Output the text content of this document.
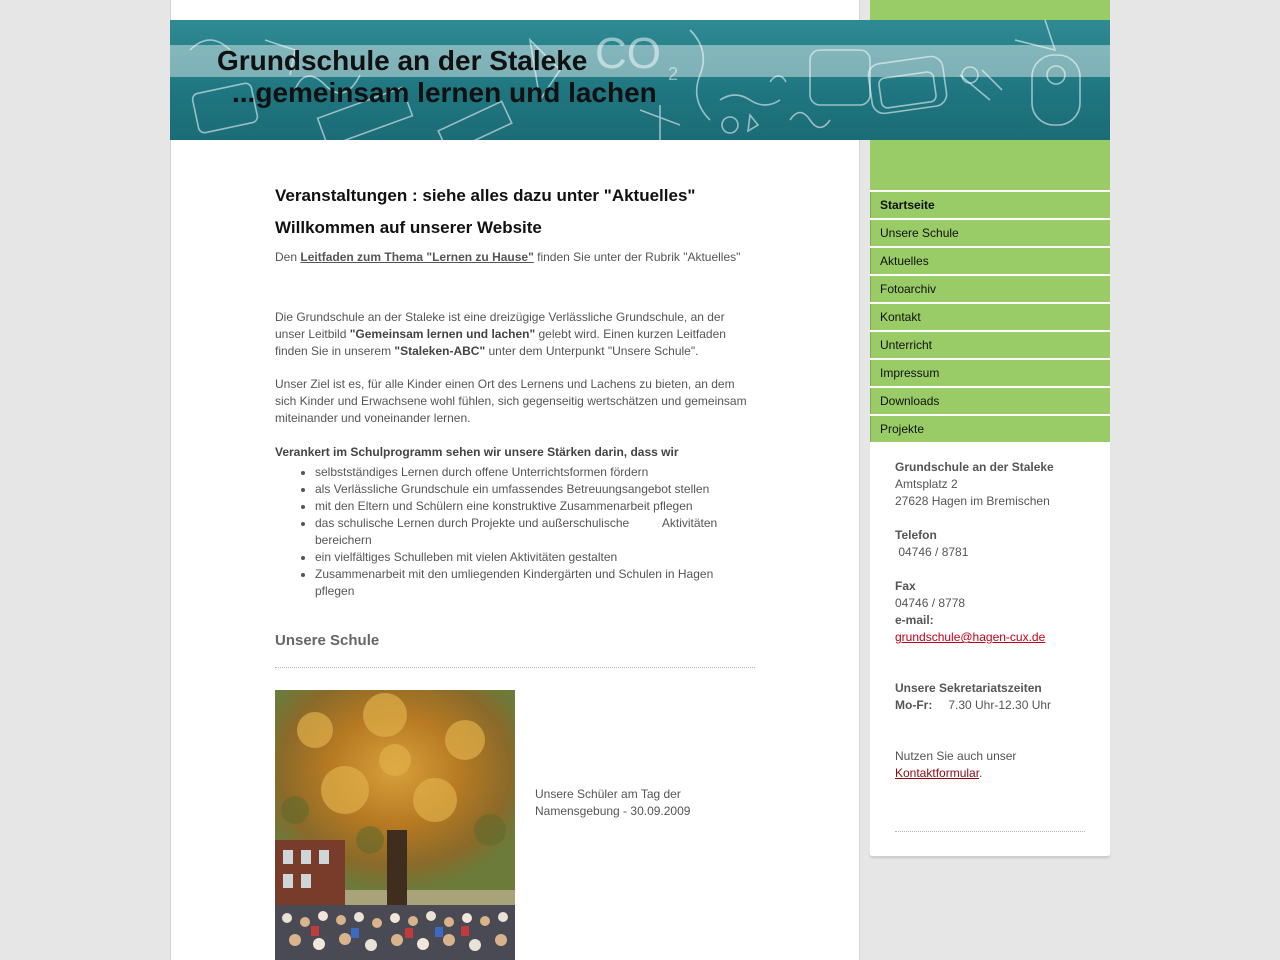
CO 2
Grundschule an der Staleke

...gemeinsam lernen und lachen

Veranstaltungen : siehe alles dazu unter "Aktuelles"
Willkommen auf unserer Website

Den Leitfaden zum Thema "Lernen zu Hause" finden Sie unter der Rubrik "Aktuelles"

Die Grundschule an der Staleke ist eine dreizügige Verlässliche Grundschule, an der unser Leitbild "Gemeinsam lernen und lachen" gelebt wird. Einen kurzen Leitfaden finden Sie in unserem "Staleken-ABC" unter dem Unterpunkt "Unsere Schule".

Unser Ziel ist es, für alle Kinder einen Ort des Lernens und Lachens zu bieten, an dem sich Kinder und Erwachsene wohl fühlen, sich gegenseitig wertschätzen und gemeinsam miteinander und voneinander lernen.

Verankert im Schulprogramm sehen wir unsere Stärken darin, dass wir

• selbstständiges Lernen durch offene Unterrichtsformen fördern
• als Verlässliche Grundschule ein umfassendes Betreuungsangebot stellen
• mit den Eltern und Schülern eine konstruktive Zusammenarbeit pflegen
• das schulische Lernen durch Projekte und außerschulische          Aktivitäten bereichern
• ein vielfältiges Schulleben mit vielen Aktivitäten gestalten
• Zusammenarbeit mit den umliegenden Kindergärten und Schulen in Hagen pflegen
Unsere Schule
Unsere Schüler am Tag der Namensgebung - 30.09.2009
Startseite
Unsere Schule
Aktuelles
Fotoarchiv
Kontakt
Unterricht
Impressum
Downloads
Projekte

Grundschule an der Staleke

Amtsplatz 2

27628 Hagen im Bremischen

Telefon

04746 / 8781

Fax

04746 / 8778

e-mail:

grundschule@hagen-cux.de

Unsere Sekretariatszeiten

Mo-Fr: 7.30 Uhr-12.30 Uhr

Nutzen Sie auch unser

Kontaktformular.
